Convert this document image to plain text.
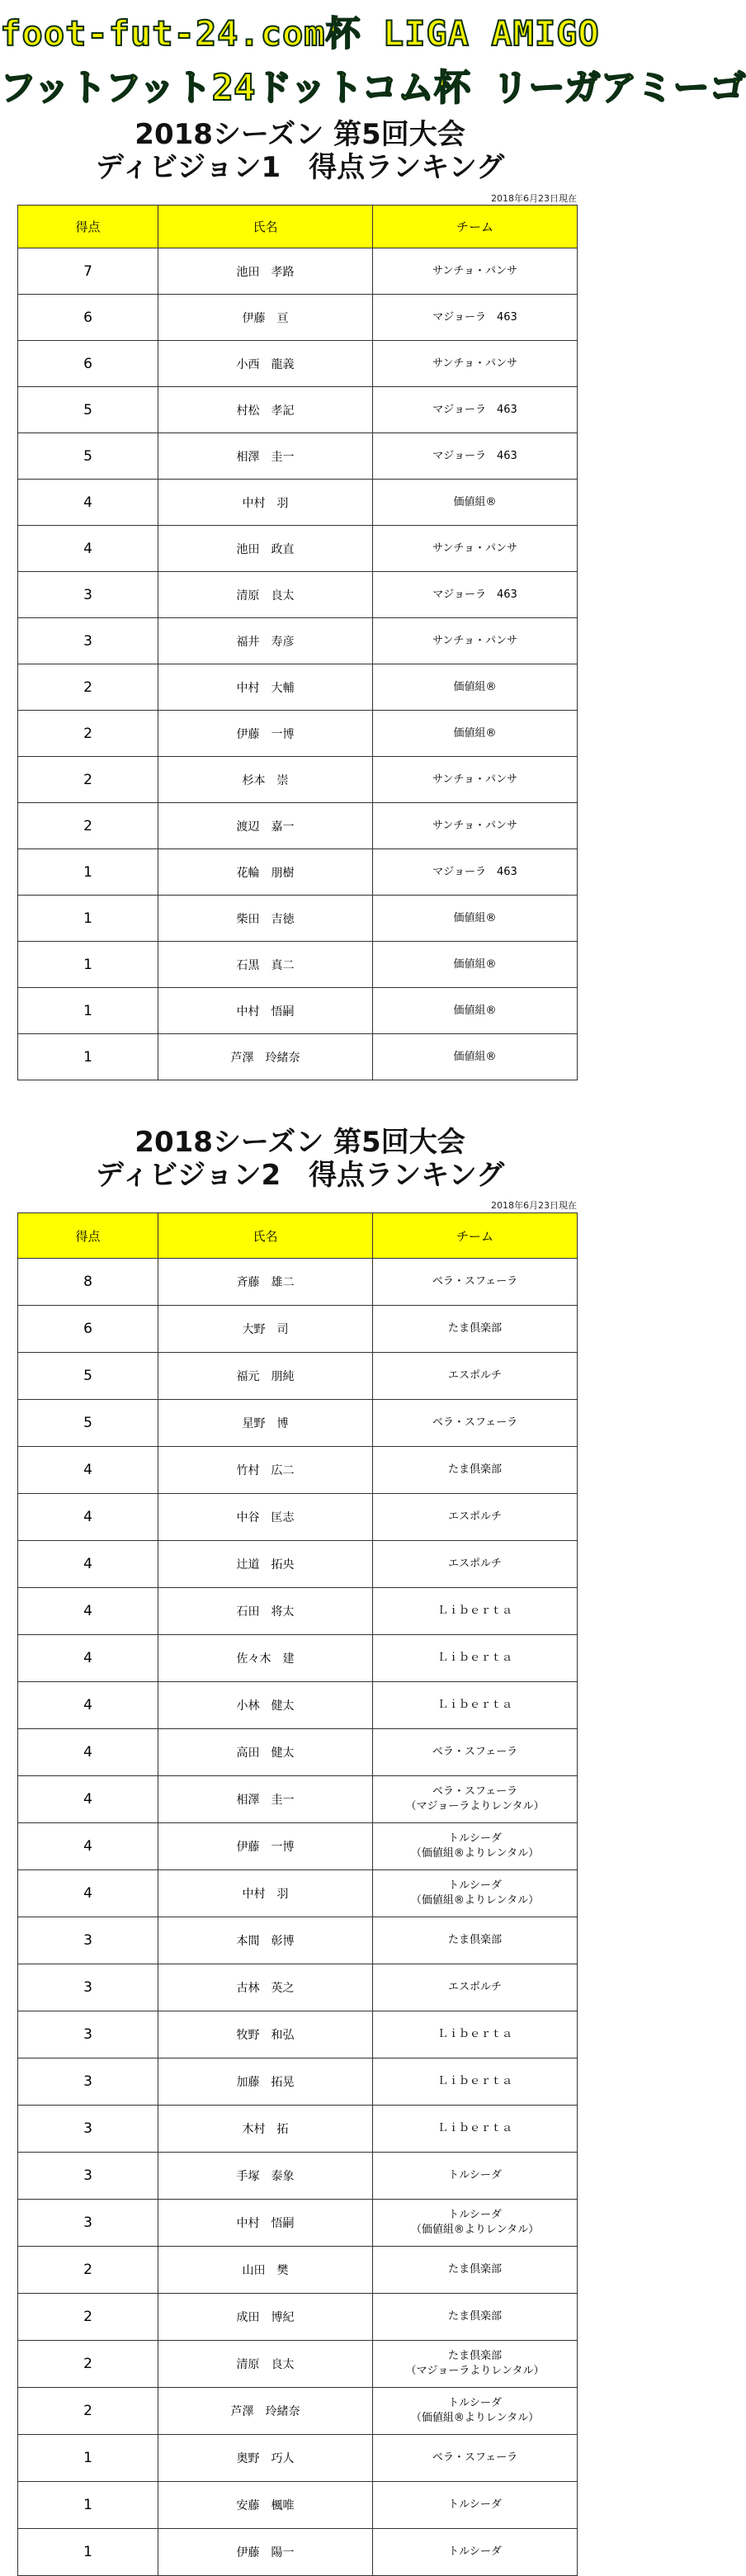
foot-fut-24.com杯 LIGA AMIGO
フットフット24ドットコム杯 リーガアミーゴ
2018シーズン 第5回大会
ディビジョン1　得点ランキング
2018年6月23日現在
得点	氏名	チーム
7	池田　孝路	サンチョ・パンサ

6	伊藤　亘	マジョーラ　463

6	小西　龍義	サンチョ・パンサ

5	村松　孝記	マジョーラ　463

5	相澤　圭一	マジョーラ　463

4	中村　羽	価値組®

4	池田　政直	サンチョ・パンサ

3	清原　良太	マジョーラ　463

3	福井　寿彦	サンチョ・パンサ

2	中村　大輔	価値組®

2	伊藤　一博	価値組®

2	杉本　崇	サンチョ・パンサ

2	渡辺　嘉一	サンチョ・パンサ

1	花輪　朋樹	マジョーラ　463

1	柴田　吉徳	価値組®

1	石黒　真二	価値組®

1	中村　悟嗣	価値組®

1	芦澤　玲緒奈	価値組®
2018シーズン 第5回大会
ディビジョン2　得点ランキング
2018年6月23日現在
得点	氏名	チーム
8	斉藤　雄二	ベラ・スフェーラ

6	大野　司	たま倶楽部

5	福元　朋純	エスポルチ

5	星野　博	ベラ・スフェーラ

4	竹村　広二	たま倶楽部

4	中谷　匡志	エスポルチ

4	辻道　拓央	エスポルチ

4	石田　将太	Ｌｉｂｅｒｔａ

4	佐々木　建	Ｌｉｂｅｒｔａ

4	小林　健太	Ｌｉｂｅｒｔａ

4	高田　健太	ベラ・スフェーラ

4	相澤　圭一	ベラ・スフェーラ
（マジョーラよりレンタル）

4	伊藤　一博	トルシーダ
（価値組®よりレンタル）

4	中村　羽	トルシーダ
（価値組®よりレンタル）

3	本間　彰博	たま倶楽部

3	古林　英之	エスポルチ

3	牧野　和弘	Ｌｉｂｅｒｔａ

3	加藤　拓晃	Ｌｉｂｅｒｔａ

3	木村　拓	Ｌｉｂｅｒｔａ

3	手塚　泰象	トルシーダ

3	中村　悟嗣	トルシーダ
（価値組®よりレンタル）

2	山田　樊	たま倶楽部

2	成田　博紀	たま倶楽部

2	清原　良太	たま倶楽部
（マジョーラよりレンタル）

2	芦澤　玲緒奈	トルシーダ
（価値組®よりレンタル）

1	奥野　巧人	ベラ・スフェーラ

1	安藤　楓唯	トルシーダ

1	伊藤　陽一	トルシーダ
